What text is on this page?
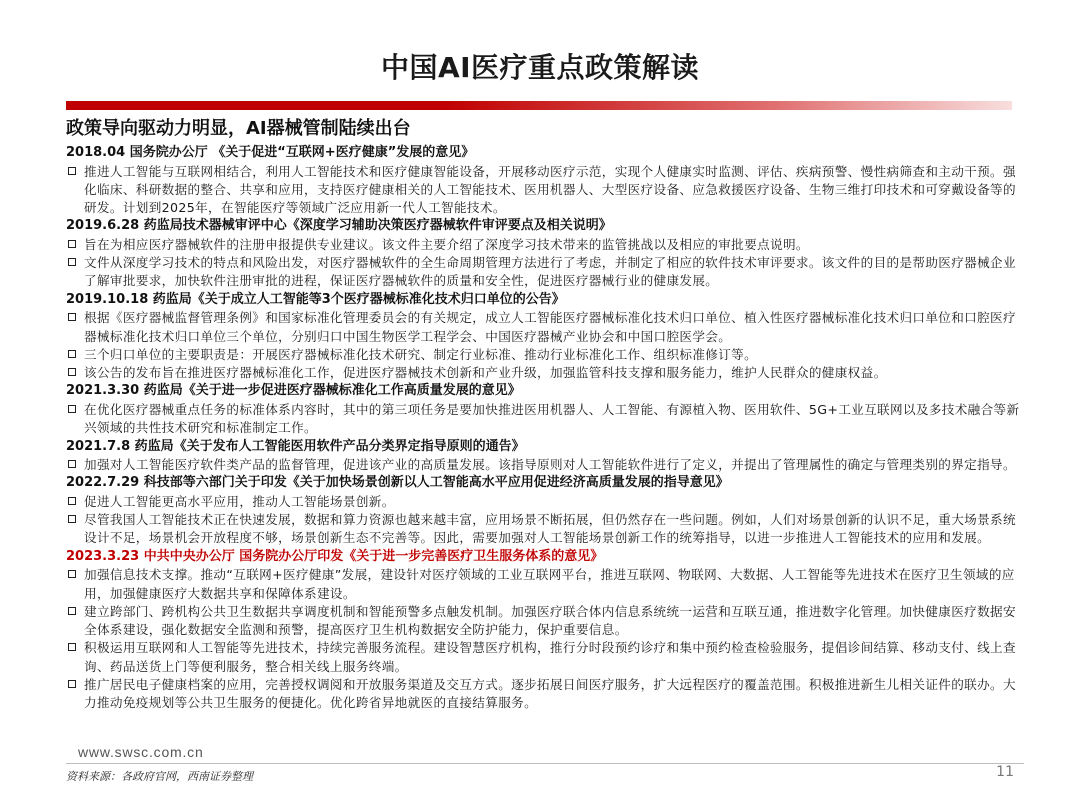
中国AI医疗重点政策解读
政策导向驱动力明显，AI器械管制陆续出台
2018.04 国务院办公厅 《关于促进“互联网+医疗健康”发展的意见》
推进人工智能与互联网相结合，利用人工智能技术和医疗健康智能设备，开展移动医疗示范，实现个人健康实时监测、评估、疾病预警、慢性病筛查和主动干预。强化临床、科研数据的整合、共享和应用，支持医疗健康相关的人工智能技术、医用机器人、大型医疗设备、应急救援医疗设备、生物三维打印技术和可穿戴设备等的研发。计划到2025年，在智能医疗等领域广泛应用新一代人工智能技术。
2019.6.28 药监局技术器械审评中心《深度学习辅助决策医疗器械软件审评要点及相关说明》
旨在为相应医疗器械软件的注册申报提供专业建议。该文件主要介绍了深度学习技术带来的监管挑战以及相应的审批要点说明。
文件从深度学习技术的特点和风险出发，对医疗器械软件的全生命周期管理方法进行了考虑，并制定了相应的软件技术审评要求。该文件的目的是帮助医疗器械企业了解审批要求，加快软件注册审批的进程，保证医疗器械软件的质量和安全性，促进医疗器械行业的健康发展。
2019.10.18 药监局《关于成立人工智能等3个医疗器械标准化技术归口单位的公告》
根据《医疗器械监督管理条例》和国家标准化管理委员会的有关规定，成立人工智能医疗器械标准化技术归口单位、植入性医疗器械标准化技术归口单位和口腔医疗器械标准化技术归口单位三个单位，分别归口中国生物医学工程学会、中国医疗器械产业协会和中国口腔医学会。
三个归口单位的主要职责是：开展医疗器械标准化技术研究、制定行业标准、推动行业标准化工作、组织标准修订等。
该公告的发布旨在推进医疗器械标准化工作，促进医疗器械技术创新和产业升级，加强监管科技支撑和服务能力，维护人民群众的健康权益。
2021.3.30 药监局《关于进一步促进医疗器械标准化工作高质量发展的意见》
在优化医疗器械重点任务的标准体系内容时，其中的第三项任务是要加快推进医用机器人、人工智能、有源植入物、医用软件、5G+工业互联网以及多技术融合等新兴领域的共性技术研究和标准制定工作。
2021.7.8 药监局《关于发布人工智能医用软件产品分类界定指导原则的通告》
加强对人工智能医疗软件类产品的监督管理，促进该产业的高质量发展。该指导原则对人工智能软件进行了定义，并提出了管理属性的确定与管理类别的界定指导。
2022.7.29 科技部等六部门关于印发《关于加快场景创新以人工智能高水平应用促进经济高质量发展的指导意见》
促进人工智能更高水平应用，推动人工智能场景创新。
尽管我国人工智能技术正在快速发展，数据和算力资源也越来越丰富，应用场景不断拓展，但仍然存在一些问题。例如，人们对场景创新的认识不足，重大场景系统设计不足，场景机会开放程度不够，场景创新生态不完善等。因此，需要加强对人工智能场景创新工作的统筹指导，以进一步推进人工智能技术的应用和发展。
2023.3.23 中共中央办公厅 国务院办公厅印发《关于进一步完善医疗卫生服务体系的意见》
加强信息技术支撑。推动“互联网+医疗健康”发展，建设针对医疗领域的工业互联网平台，推进互联网、物联网、大数据、人工智能等先进技术在医疗卫生领域的应用，加强健康医疗大数据共享和保障体系建设。
建立跨部门、跨机构公共卫生数据共享调度机制和智能预警多点触发机制。加强医疗联合体内信息系统统一运营和互联互通，推进数字化管理。加快健康医疗数据安全体系建设，强化数据安全监测和预警，提高医疗卫生机构数据安全防护能力，保护重要信息。
积极运用互联网和人工智能等先进技术，持续完善服务流程。建设智慧医疗机构，推行分时段预约诊疗和集中预约检查检验服务，提倡诊间结算、移动支付、线上查询、药品送货上门等便利服务，整合相关线上服务终端。
推广居民电子健康档案的应用，完善授权调阅和开放服务渠道及交互方式。逐步拓展日间医疗服务，扩大远程医疗的覆盖范围。积极推进新生儿相关证件的联办。大力推动免疫规划等公共卫生服务的便捷化。优化跨省异地就医的直接结算服务。
www.swsc.com.cn
资料来源：各政府官网，西南证券整理	11
